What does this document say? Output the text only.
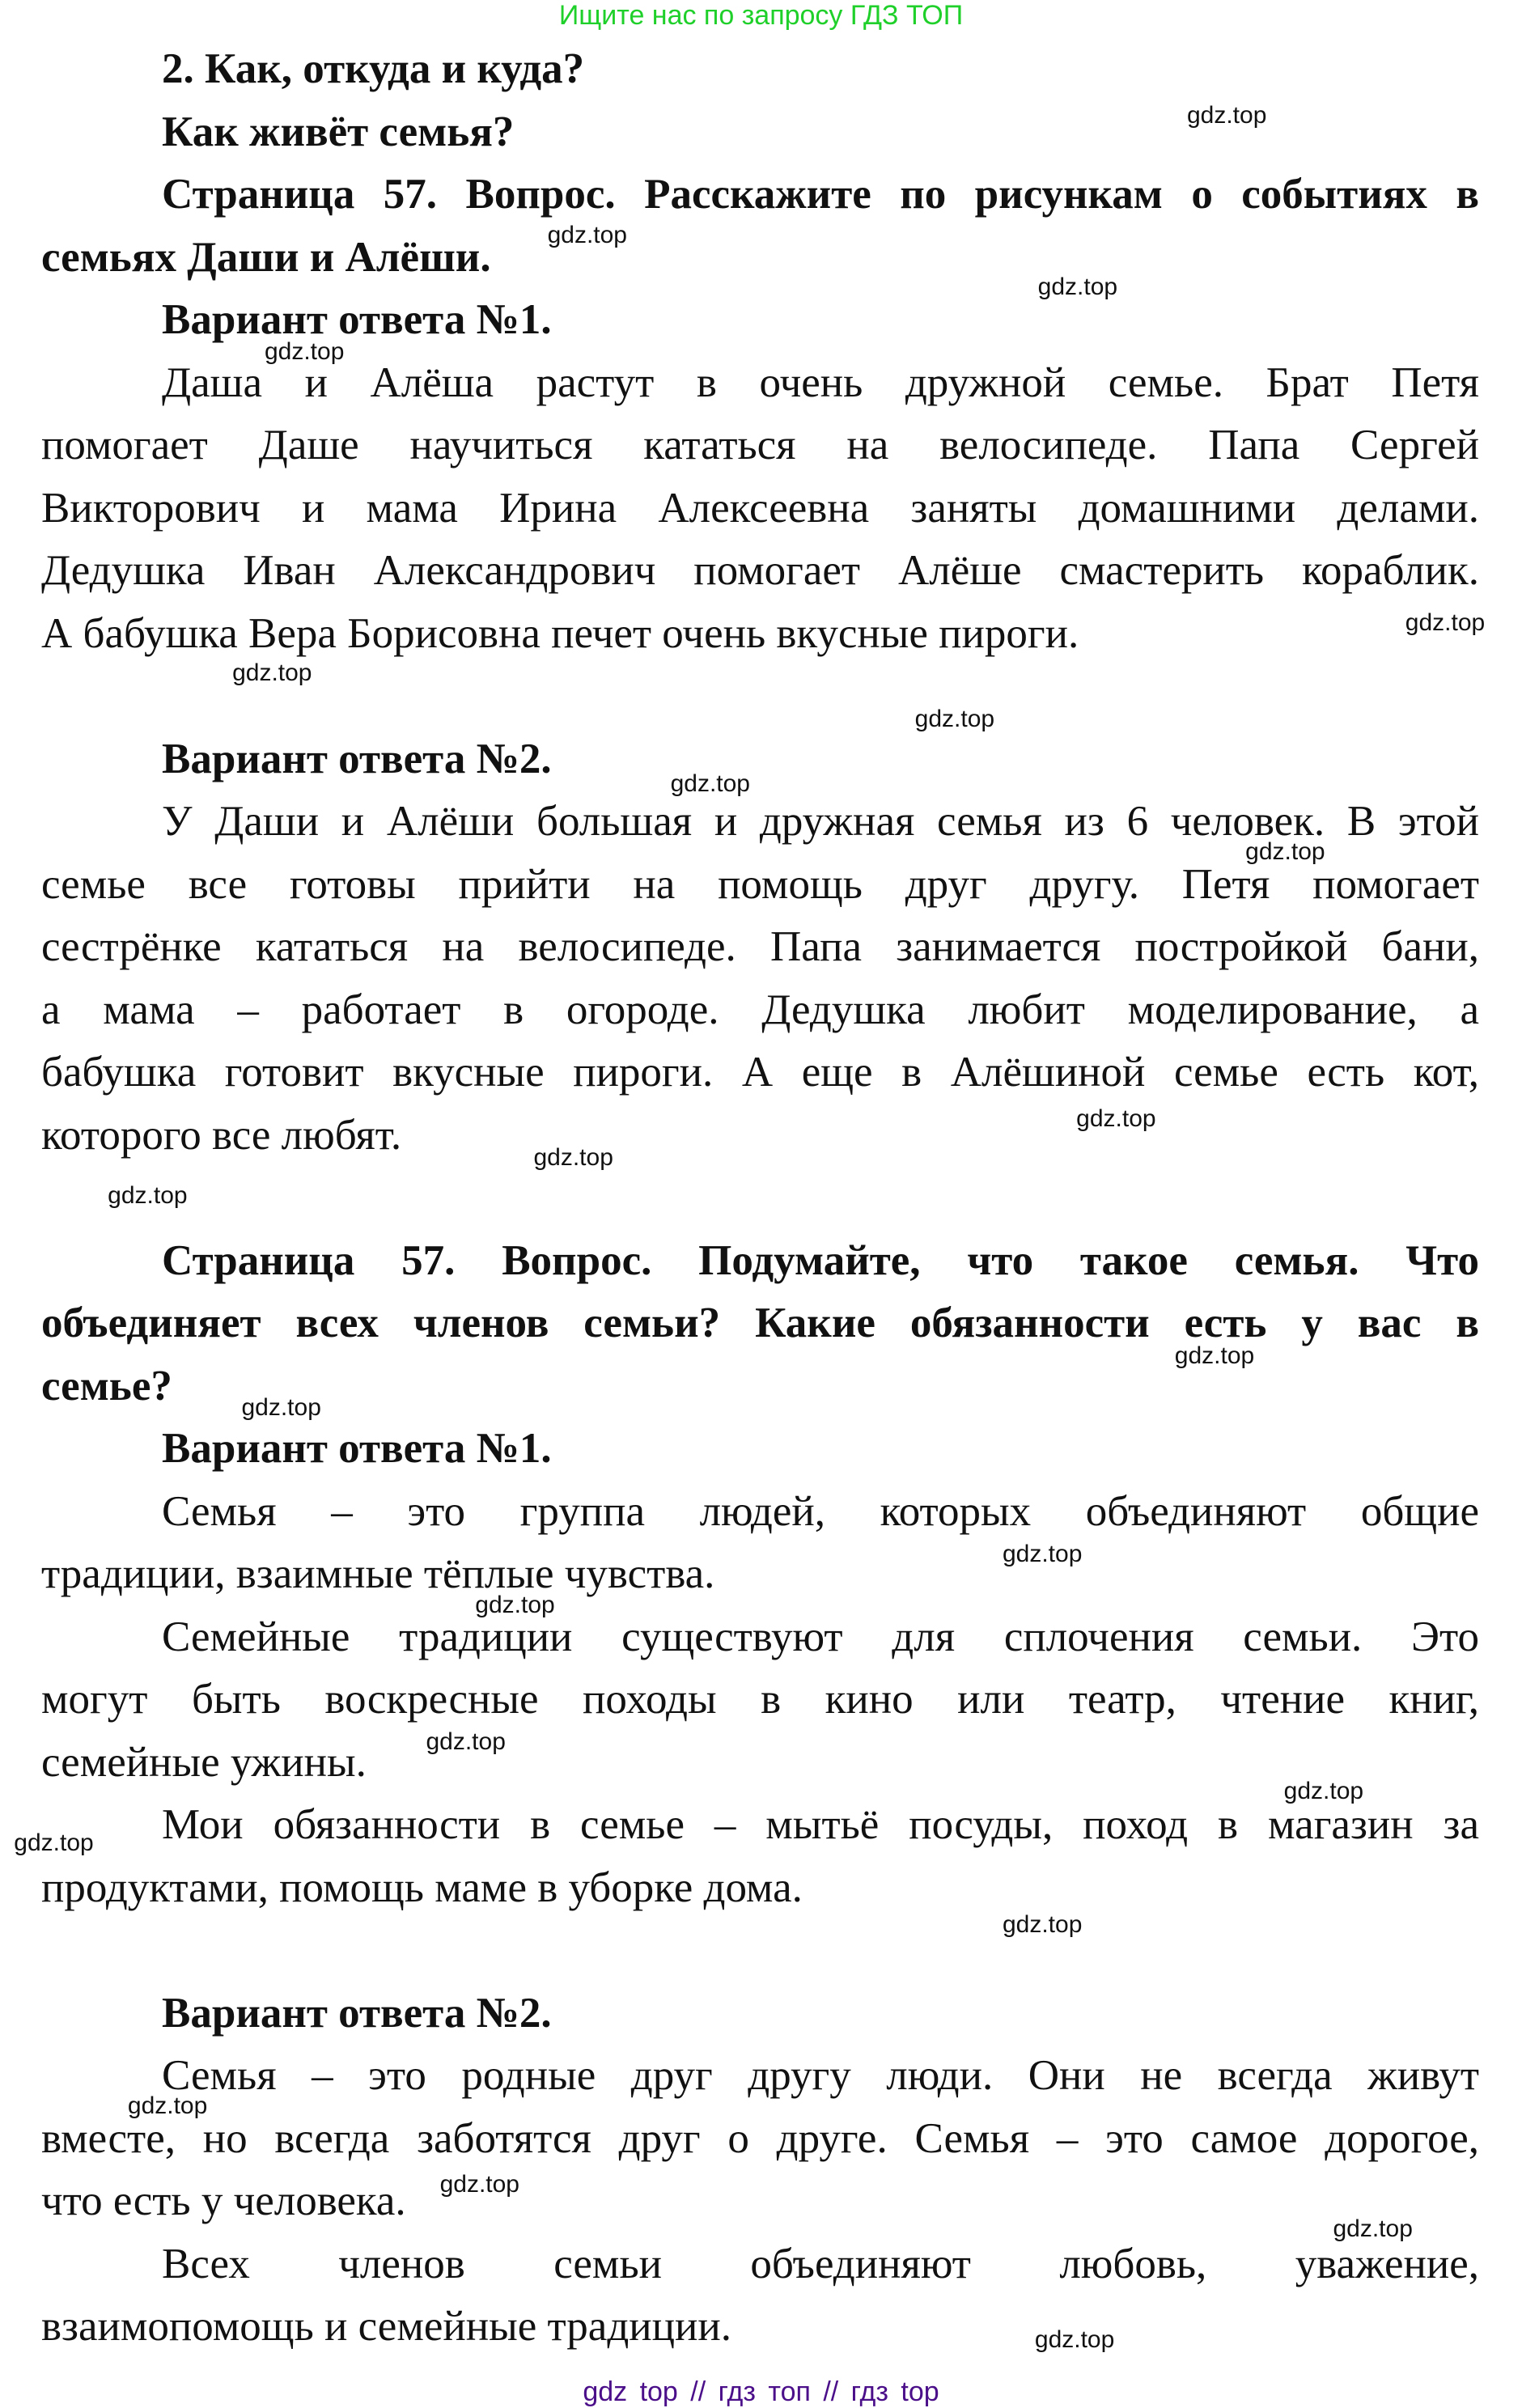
Ищите нас по запросу ГДЗ ТОП
2. Как, откуда и куда?
Как живёт семья?
Страница 57. Вопрос. Расскажите по рисункам о событиях в
семьях Даши и Алёши.
Вариант ответа №1.
Даша и Алёша растут в очень дружной семье. Брат Петя
помогает Даше научиться кататься на велосипеде. Папа Сергей
Викторович и мама Ирина Алексеевна заняты домашними делами.
Дедушка Иван Александрович помогает Алёше смастерить кораблик.
А бабушка Вера Борисовна печет очень вкусные пироги.
Вариант ответа №2.
У Даши и Алёши большая и дружная семья из 6 человек. В этой
семье все готовы прийти на помощь друг другу. Петя помогает
сестрёнке кататься на велосипеде. Папа занимается постройкой бани,
а мама – работает в огороде. Дедушка любит моделирование, а
бабушка готовит вкусные пироги. А еще в Алёшиной семье есть кот,
которого все любят.
Страница 57. Вопрос. Подумайте, что такое семья. Что
объединяет всех членов семьи? Какие обязанности есть у вас в
семье?
Вариант ответа №1.
Семья – это группа людей, которых объединяют общие
традиции, взаимные тёплые чувства.
Семейные традиции существуют для сплочения семьи. Это
могут быть воскресные походы в кино или театр, чтение книг,
семейные ужины.
Мои обязанности в семье – мытьё посуды, поход в магазин за
продуктами, помощь маме в уборке дома.
Вариант ответа №2.
Семья – это родные друг другу люди. Они не всегда живут
вместе, но всегда заботятся друг о друге. Семья – это самое дорогое,
что есть у человека.
Всех членов семьи объединяют любовь, уважение,
взаимопомощь и семейные традиции.
gdz.top
gdz.top
gdz.top
gdz.top
gdz.top
gdz.top
gdz.top
gdz.top
gdz.top
gdz.top
gdz.top
gdz.top
gdz.top
gdz.top
gdz.top
gdz.top
gdz.top
gdz.top
gdz.top
gdz.top
gdz.top
gdz.top
gdz.top
gdz.top
gdz top // гдз топ // гдз top
